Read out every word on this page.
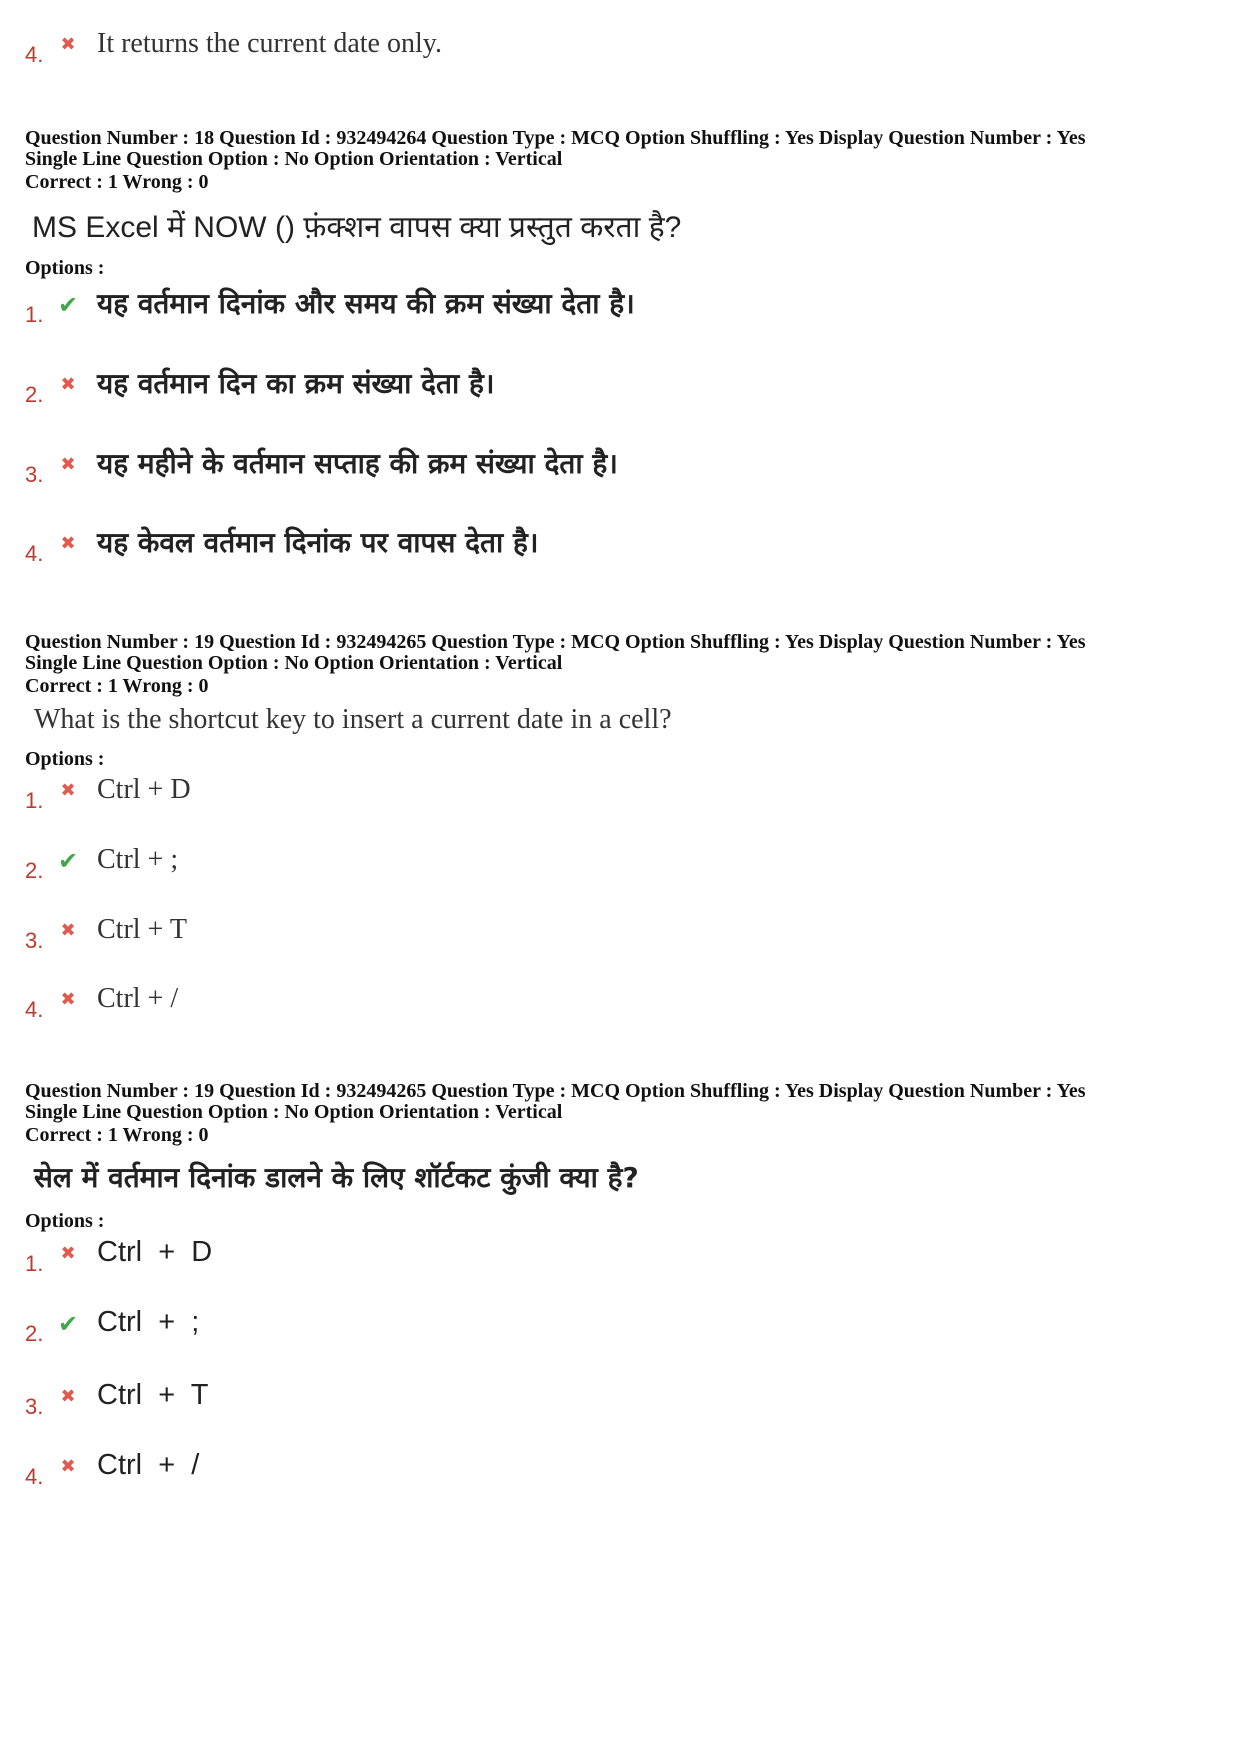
4. ✖ It returns the current date only.
Question Number : 18 Question Id : 932494264 Question Type : MCQ Option Shuffling : Yes Display Question Number : Yes
Single Line Question Option : No Option Orientation : Vertical
Correct : 1 Wrong : 0
MS Excel में NOW () फ़ंक्शन वापस क्या प्रस्तुत करता है?
Options :
1. ✔ यह वर्तमान दिनांक और समय की क्रम संख्या देता है।
2. ✖ यह वर्तमान दिन का क्रम संख्या देता है।
3. ✖ यह महीने के वर्तमान सप्ताह की क्रम संख्या देता है।
4. ✖ यह केवल वर्तमान दिनांक पर वापस देता है।
Question Number : 19 Question Id : 932494265 Question Type : MCQ Option Shuffling : Yes Display Question Number : Yes
Single Line Question Option : No Option Orientation : Vertical
Correct : 1 Wrong : 0
What is the shortcut key to insert a current date in a cell?
Options :
1. ✖ Ctrl + D
2. ✔ Ctrl + ;
3. ✖ Ctrl + T
4. ✖ Ctrl + /
Question Number : 19 Question Id : 932494265 Question Type : MCQ Option Shuffling : Yes Display Question Number : Yes
Single Line Question Option : No Option Orientation : Vertical
Correct : 1 Wrong : 0
सेल में वर्तमान दिनांक डालने के लिए शॉर्टकट कुंजी क्या है?
Options :
1. ✖ Ctrl  +  D
2. ✔ Ctrl  +  ;
3. ✖ Ctrl  +  T
4. ✖ Ctrl  +  /
